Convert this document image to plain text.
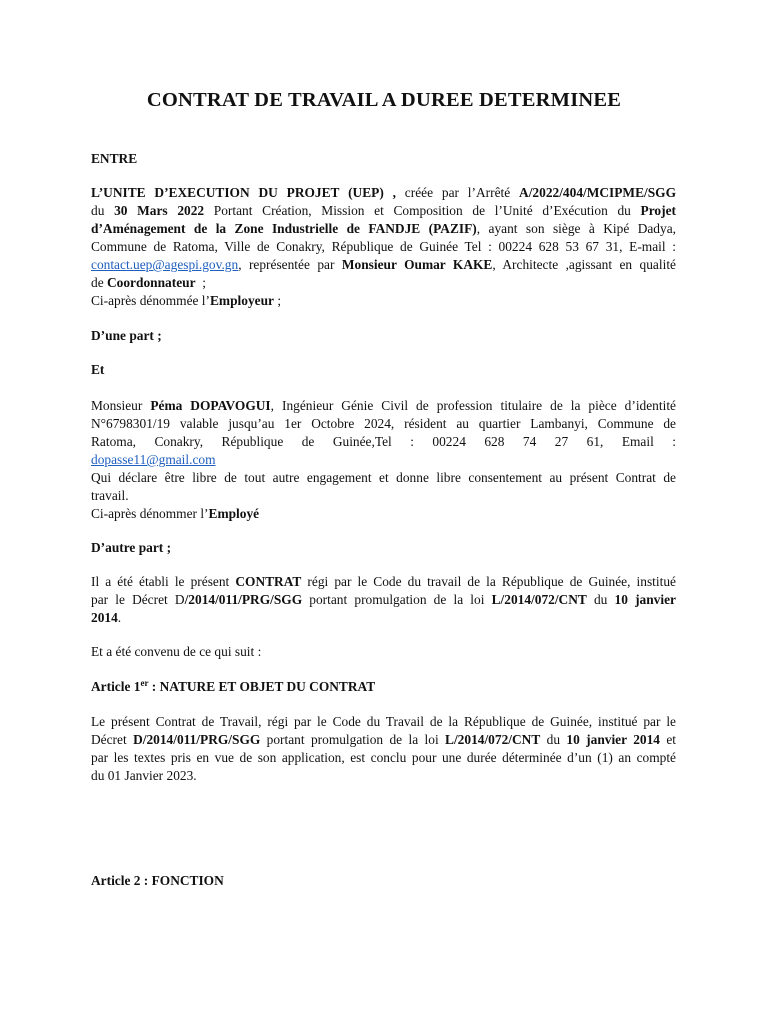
CONTRAT DE TRAVAIL A DUREE DETERMINEE
ENTRE
L’UNITE D’EXECUTION DU PROJET (UEP) , créée par l’Arrêté A/2022/404/MCIPME/SGG
du 30 Mars 2022 Portant Création, Mission et Composition de l’Unité d’Exécution du Projet
d’Aménagement de la Zone Industrielle de FANDJE (PAZIF), ayant son siège à Kipé Dadya,
Commune de Ratoma, Ville de Conakry, République de Guinée Tel : 00224 628 53 67 31, E-mail :
contact.uep@agespi.gov.gn, représentée par Monsieur Oumar KAKE, Architecte ,agissant en qualité
de Coordonnateur  ;
Ci-après dénommée l’Employeur ;
D’une part ;
Et
Monsieur Péma DOPAVOGUI, Ingénieur Génie Civil de profession titulaire de la pièce d’identité
N°6798301/19 valable jusqu’au 1er Octobre 2024, résident au quartier Lambanyi, Commune de
Ratoma, Conakry, République de Guinée,Tel : 00224 628 74 27 61, Email :
dopasse11@gmail.com
Qui déclare être libre de tout autre engagement et donne libre consentement au présent Contrat de
travail.
Ci-après dénommer l’Employé
D’autre part ;
Il a été établi le présent CONTRAT régi par le Code du travail de la République de Guinée, institué
par le Décret D/2014/011/PRG/SGG portant promulgation de la loi L/2014/072/CNT du 10 janvier
2014.
Et a été convenu de ce qui suit :
Article 1er : NATURE ET OBJET DU CONTRAT
Le présent Contrat de Travail, régi par le Code du Travail de la République de Guinée, institué par le
Décret D/2014/011/PRG/SGG portant promulgation de la loi L/2014/072/CNT du 10 janvier 2014 et
par les textes pris en vue de son application, est conclu pour une durée déterminée d’un (1) an compté
du 01 Janvier 2023.
Article 2 : FONCTION
